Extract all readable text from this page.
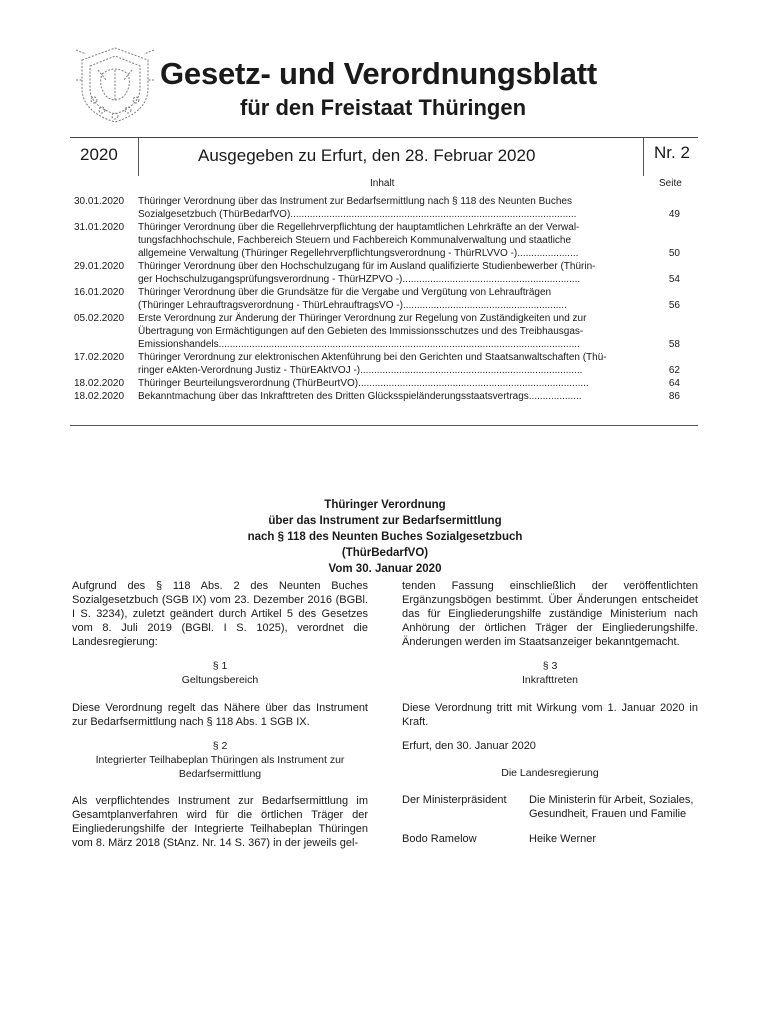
Gesetz- und Verordnungsblatt
für den Freistaat Thüringen
2020	Ausgegeben zu Erfurt, den 28. Februar 2020	Nr. 2
Inhalt	Seite
30.01.2020 Thüringer Verordnung über das Instrument zur Bedarfsermittlung nach § 118 des Neunten Buches
Sozialgesetzbuch (ThürBedarfVO).......................................................................................................	49
31.01.2020 Thüringer Verordnung über die Regellehrverpflichtung der hauptamtlichen Lehrkräfte an der Verwal-
tungsfachhochschule, Fachbereich Steuern und Fachbereich Kommunalverwaltung und staatliche
allgemeine Verwaltung (Thüringer Regellehrverpflichtungsverordnung - ThürRLVVO -)......................	50
29.01.2020 Thüringer Verordnung über den Hochschulzugang für im Ausland qualifizierte Studienbewerber (Thürin-
ger Hochschulzugangsprüfungsverordnung - ThürHZPVO -)................................................................	54
16.01.2020 Thüringer Verordnung über die Grundsätze für die Vergabe und Vergütung von Lehraufträgen
(Thüringer Lehrauftragsverordnung - ThürLehrauftragsVO -)...........................................................	56
05.02.2020 Erste Verordnung zur Änderung der Thüringer Verordnung zur Regelung von Zuständigkeiten und zur
Übertragung von Ermächtigungen auf den Gebieten des Immissionsschutzes und des Treibhausgas-
Emissionshandels..................................................................................................................................	58
17.02.2020 Thüringer Verordnung zur elektronischen Aktenführung bei den Gerichten und Staatsanwaltschaften (Thü-
ringer eAkten-Verordnung Justiz - ThürEAktVOJ -)................................................................................	62
18.02.2020 Thüringer Beurteilungsverordnung (ThürBeurtVO)...................................................................................	64
18.02.2020 Bekanntmachung über das Inkrafttreten des Dritten Glücksspieländerungsstaatsvertrags...................	86
Thüringer Verordnung
über das Instrument zur Bedarfsermittlung
nach § 118 des Neunten Buches Sozialgesetzbuch
(ThürBedarfVO)
Vom 30. Januar 2020

Aufgrund des § 118 Abs. 2 des Neunten Buches Sozialgesetzbuch (SGB IX) vom 23. Dezember 2016 (BGBl. I S. 3234), zuletzt geändert durch Artikel 5 des Gesetzes vom 8. Juli 2019 (BGBl. I S. 1025), verordnet die Landesregierung:

§ 1
Geltungsbereich

Diese Verordnung regelt das Nähere über das Instrument zur Bedarfsermittlung nach § 118 Abs. 1 SGB IX.

§ 2
Integrierter Teilhabeplan Thüringen als Instrument zur
Bedarfsermittlung

Als verpflichtendes Instrument zur Bedarfsermittlung im Gesamtplanverfahren wird für die örtlichen Träger der Eingliederungshilfe der Integrierte Teilhabeplan Thüringen vom 8. März 2018 (StAnz. Nr. 14 S. 367) in der jeweils gel-

tenden Fassung einschließlich der veröffentlichten Ergänzungsbögen bestimmt. Über Änderungen entscheidet das für Eingliederungshilfe zuständige Ministerium nach Anhörung der örtlichen Träger der Eingliederungshilfe. Änderungen werden im Staatsanzeiger bekanntgemacht.

§ 3
Inkrafttreten

Diese Verordnung tritt mit Wirkung vom 1. Januar 2020 in Kraft.

Erfurt, den 30. Januar 2020
Die Landesregierung
Der Ministerpräsident Die Ministerin für Arbeit, Soziales,
Gesundheit, Frauen und Familie
Bodo Ramelow	Heike Werner
